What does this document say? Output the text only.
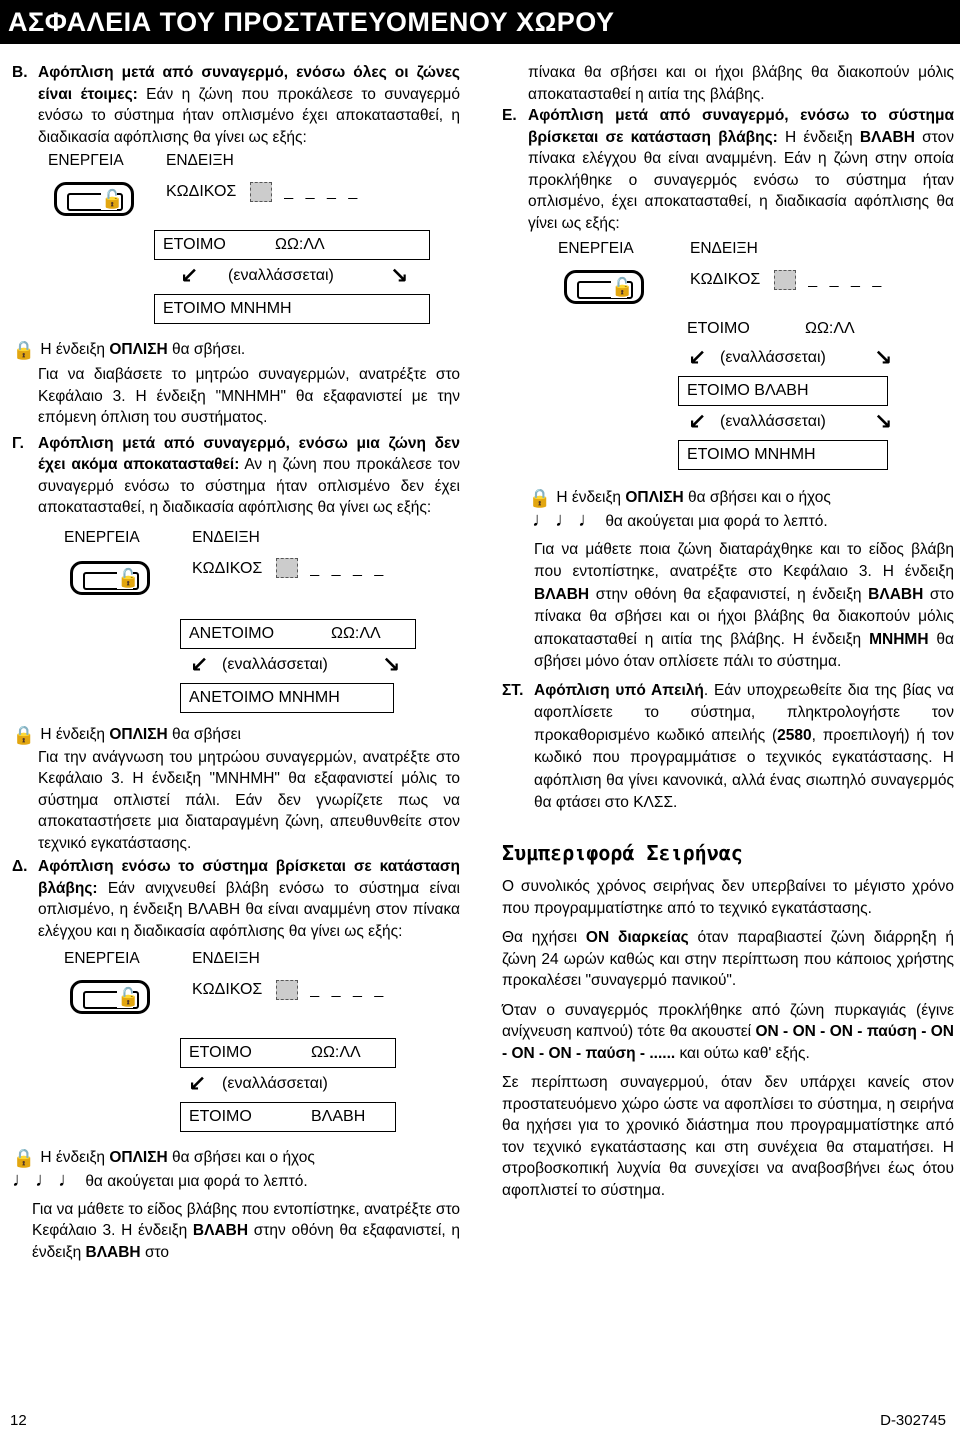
ΑΣΦΑΛΕΙΑ ΤΟΥ ΠΡΟΣΤΑΤΕΥΟΜΕΝΟΥ ΧΩΡΟΥ
Β. Αφόπλιση μετά από συναγερμό, ενόσω όλες οι ζώνες είναι έτοιμες: Εάν η ζώνη που προκάλεσε το συναγερμό ενόσω το σύστημα ήταν οπλισμένο έχει αποκατασταθεί, η διαδικασία αφόπλισης θα γίνει ως εξής:
ΕΝΕΡΓΕΙΑ	ΕΝΔΕΙΞΗ
🔓	ΚΩΔΙΚΟΣ	_ _ _ _
ΕΤΟΙΜΟ	ΩΩ:ΛΛ
↙ (εναλλάσσεται)	↘
ΕΤΟΙΜΟ ΜΝΗΜΗ
🔒 Η ένδειξη ΟΠΛΙΣΗ θα σβήσει.

Για να διαβάσετε το μητρώο συναγερμών, ανατρέξτε στο Κεφάλαιο 3. Η ένδειξη "ΜΝΗΜΗ" θα εξαφανιστεί με την επόμενη όπλιση του συστήματος.

Γ. Αφόπλιση μετά από συναγερμό, ενόσω μια ζώνη δεν έχει ακόμα αποκατασταθεί: Αν η ζώνη που προκάλεσε τον συναγερμό ενόσω το σύστημα ήταν οπλισμένο δεν έχει αποκατασταθεί, η διαδικασία αφόπλισης θα γίνει ως εξής:
ΕΝΕΡΓΕΙΑ	ΕΝΔΕΙΞΗ
🔓	ΚΩΔΙΚΟΣ	_ _ _ _
ΑΝΕΤΟΙΜΟ	ΩΩ:ΛΛ
↙ (εναλλάσσεται) ↘
ΑΝΕΤΟΙΜΟ ΜΝΗΜΗ
🔒 Η ένδειξη ΟΠΛΙΣΗ θα σβήσει

Για την ανάγνωση του μητρώου συναγερμών, ανατρέξτε στο Κεφάλαιο 3. Η ένδειξη "ΜΝΗΜΗ" θα εξαφανιστεί μόλις το σύστημα οπλιστεί πάλι. Εάν δεν γνωρίζετε πως να αποκαταστήσετε μια διαταραγμένη ζώνη, απευθυνθείτε στον τεχνικό εγκατάστασης.

Δ. Αφόπλιση ενόσω το σύστημα βρίσκεται σε κατάσταση βλάβης: Εάν ανιχνευθεί βλάβη ενόσω το σύστημα είναι οπλισμένο, η ένδειξη ΒΛΑΒΗ θα είναι αναμμένη στον πίνακα ελέγχου και η διαδικασία αφόπλισης θα γίνει ως εξής:
ΕΝΕΡΓΕΙΑ	ΕΝΔΕΙΞΗ
🔓	ΚΩΔΙΚΟΣ	_ _ _ _
ΕΤΟΙΜΟ	ΩΩ:ΛΛ
↙ (εναλλάσσεται)
ΕΤΟΙΜΟ	ΒΛΑΒΗ
🔒 Η ένδειξη ΟΠΛΙΣΗ θα σβήσει και ο ήχος
♩♩♩ θα ακούγεται μια φορά το λεπτό.

Για να μάθετε το είδος βλάβης που εντοπίστηκε, ανατρέξτε στο Κεφάλαιο 3. Η ένδειξη ΒΛΑΒΗ στην οθόνη θα εξαφανιστεί, η ένδειξη ΒΛΑΒΗ στο

πίνακα θα σβήσει και οι ήχοι βλάβης θα διακοπούν μόλις αποκατασταθεί η αιτία της βλάβης.

Ε. Αφόπλιση μετά από συναγερμό, ενόσω το σύστημα βρίσκεται σε κατάσταση βλάβης: Η ένδειξη ΒΛΑΒΗ στον πίνακα ελέγχου θα είναι αναμμένη. Εάν η ζώνη στην οποία προκλήθηκε ο συναγερμός ενόσω το σύστημα ήταν οπλισμένο, έχει αποκατασταθεί, η διαδικασία αφόπλισης θα γίνει ως εξής:
ΕΝΕΡΓΕΙΑ	ΕΝΔΕΙΞΗ
🔓	ΚΩΔΙΚΟΣ	_ _ _ _
ΕΤΟΙΜΟ	ΩΩ:ΛΛ
↙ (εναλλάσσεται) ↘
ΕΤΟΙΜΟ ΒΛΑΒΗ
↙ (εναλλάσσεται) ↘
ΕΤΟΙΜΟ ΜΝΗΜΗ
🔒 Η ένδειξη ΟΠΛΙΣΗ θα σβήσει και ο ήχος
♩♩♩ θα ακούγεται μια φορά το λεπτό.

Για να μάθετε ποια ζώνη διαταράχθηκε και το είδος βλάβη που εντοπίστηκε, ανατρέξτε στο Κεφάλαιο 3. Η ένδειξη ΒΛΑΒΗ στην οθόνη θα εξαφανιστεί, η ένδειξη ΒΛΑΒΗ στο πίνακα θα σβήσει και οι ήχοι βλάβης θα διακοπούν μόλις αποκατασταθεί η αιτία της βλάβης. Η ένδειξη ΜΝΗΜΗ θα σβήσει μόνο όταν οπλίσετε πάλι το σύστημα.

ΣΤ. Αφόπλιση υπό Απειλή. Εάν υποχρεωθείτε δια της βίας να αφοπλίσετε το σύστημα, πληκτρολογήστε τον προκαθορισμένο κωδικό απειλής (2580, προεπιλογή) ή τον κωδικό που προγραμμάτισε ο τεχνικός εγκατάστασης. Η αφόπλιση θα γίνει κανονικά, αλλά ένας σιωπηλό συναγερμός θα φτάσει στο ΚΛΣΣ.
Συμπεριφορά Σειρήνας

Ο συνολικός χρόνος σειρήνας δεν υπερβαίνει το μέγιστο χρόνο που προγραμματίστηκε από το τεχνικό εγκατάστασης.

Θα ηχήσει ΟΝ διαρκείας όταν παραβιαστεί ζώνη διάρρηξη ή ζώνη 24 ωρών καθώς και στην περίπτωση που κάποιος χρήστης προκαλέσει "συναγερμό πανικού".

Όταν ο συναγερμός προκλήθηκε από ζώνη πυρκαγιάς (έγινε ανίχνευση καπνού) τότε θα ακουστεί ON - ON - ON - παύση - ON - ON - ON - παύση - ...... και ούτω καθ' εξής.

Σε περίπτωση συναγερμού, όταν δεν υπάρχει κανείς στον προστατευόμενο χώρο ώστε να αφοπλίσει το σύστημα, η σειρήνα θα ηχήσει για το χρονικό διάστημα που προγραμματίστηκε από τον τεχνικό εγκατάστασης και στη συνέχεια θα σταματήσει. Η στροβοσκοπική λυχνία θα συνεχίσει να αναβοσβήνει έως ότου αφοπλιστεί το σύστημα.

12	D-302745
